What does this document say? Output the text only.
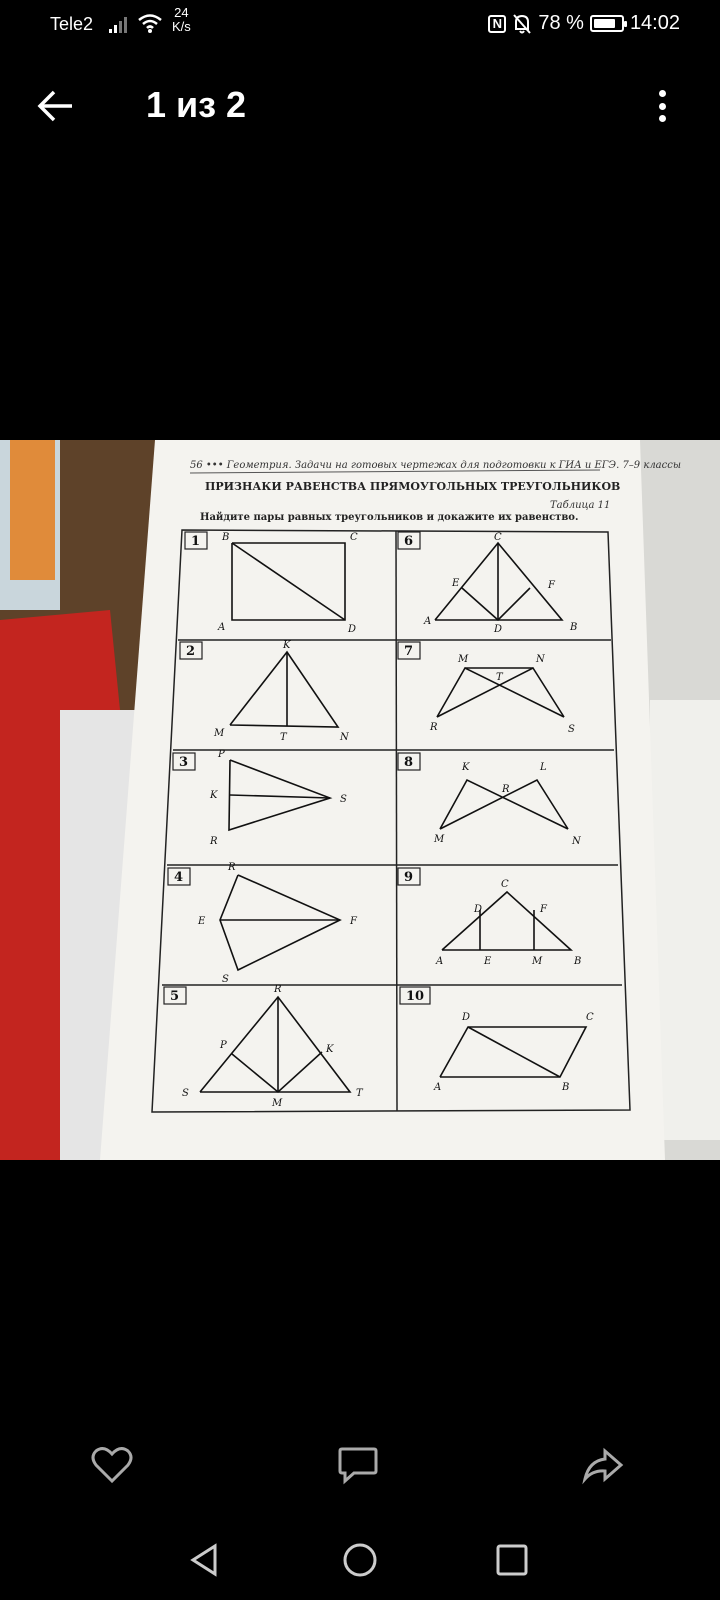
Tele2
24
K/s	N 78 % 14:02
1 из 2
56 ••• Геометрия. Задачи на готовых чертежах для подготовки к ГИА и ЕГЭ. 7–9 классы
ПРИЗНАКИ РАВЕНСТВА ПРЯМОУГОЛЬНЫХ ТРЕУГОЛЬНИКОВ
Таблица 11
Найдите пары равных треугольников и докажите их равенство.
B	C
A	D
K
M	T	N
P
K	S
R
R
E	F
S
R
P	K
S
M
T
C
E	F
A
D	B
M	N
T
R	S
K	L
R
M	N
C
D	F
A	E	M	B
D	C
A	B
1
2
3
4
5
6
7
8
9
10
